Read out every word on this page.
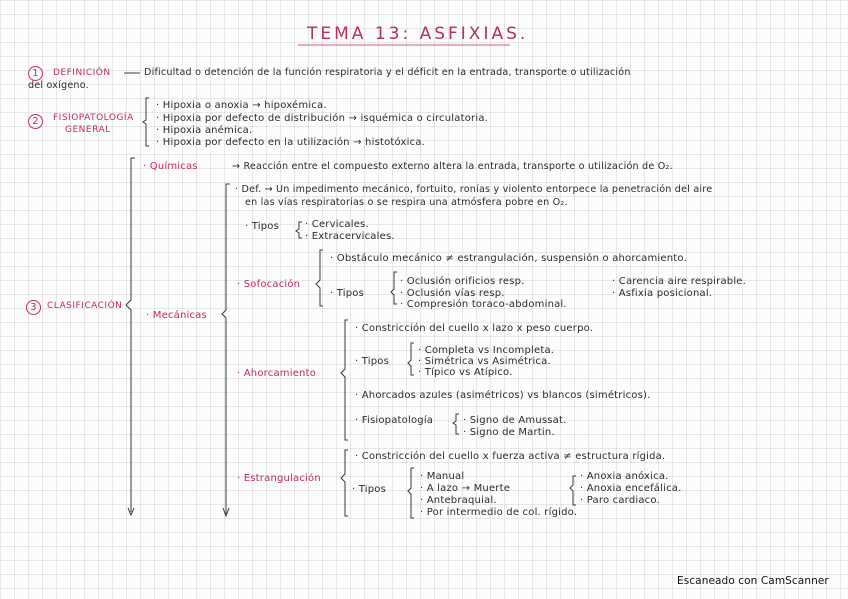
TEMA 13: ASFIXIAS.
1	DEFINICIÓN	Dificultad o detención de la función respiratoria y el déficit en la entrada, transporte o utilización
del oxígeno.
2	FISIOPATOLOGÍA
GENERAL
· Hipoxia o anoxia → hipoxémica.
· Hipoxia por defecto de distribución → isquémica o circulatoria.
· Hipoxia anémica.
· Hipoxia por defecto en la utilización → histotóxica.
3	CLASIFICACIÓN
· Químicas	→ Reacción entre el compuesto externo altera la entrada, transporte o utilización de O₂.
· Mecánicas
· Def. → Un impedimento mecánico, fortuito, ronías y violento entorpece la penetración del aire
en las vías respiratorias o se respira una atmósfera pobre en O₂.
· Tipos	· Cervicales.
· Extracervicales.
· Sofocación
· Obstáculo mecánico ≠ estrangulación, suspensión o ahorcamiento.
· Tipos
· Oclusión orificios resp.
· Oclusión vías resp.
· Compresión toraco-abdominal.
· Carencia aire respirable.
· Asfixia posicional.
· Ahorcamiento
· Constricción del cuello x lazo x peso cuerpo.
· Tipos
· Completa vs Incompleta.
· Simétrica vs Asimétrica.
· Típico vs Atípico.
· Ahorcados azules (asimétricos) vs blancos (simétricos).
· Fisiopatología	· Signo de Amussat.
· Signo de Martin.
· Estrangulación
· Constricción del cuello x fuerza activa ≠ estructura rígida.
· Tipos
· Manual
· A lazo → Muerte
· Antebraquial.
· Por intermedio de col. rígido.
· Anoxia anóxica.
· Anoxia encefálica.
· Paro cardiaco.
Escaneado con CamScanner
